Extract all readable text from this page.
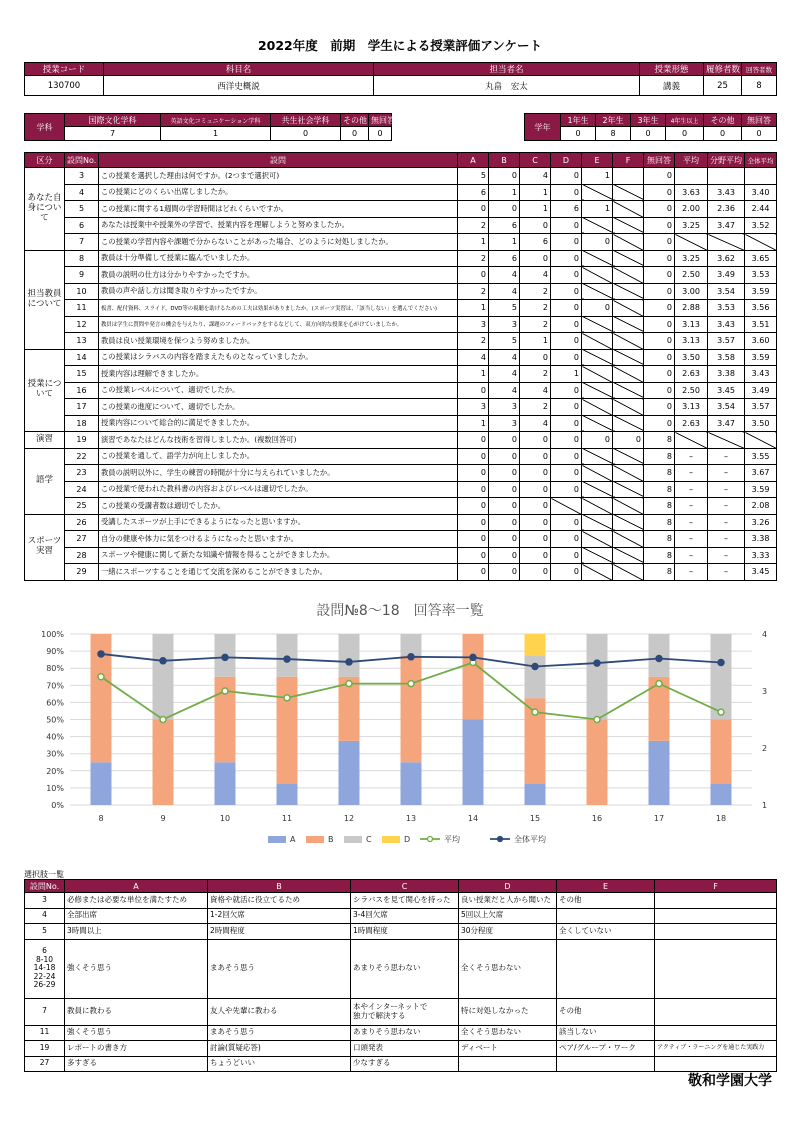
2022年度　前期　学生による授業評価アンケート
授業コード	科目名	担当者名	授業形態	履修者数	回答者数
130700	西洋史概説	丸畠　宏太	講義	25	8
学科	国際文化学科	英語文化コミュニケーション学科	共生社会学科	その他	無回答
	7	1	0	0	0
学年	1年生	2年生	3年生	4年生以上	その他	無回答
	0	8	0	0	0	0
区分	設問No.	設問	A	B	C	D	E	F	無回答	平均	分野平均	全体平均
あなた自身について	3	この授業を選択した理由は何ですか。(2つまで選択可)	5	0	4	0	1		0			
	4	この授業にどのくらい出席しましたか。	6	1	1	0			0	3.63	3.43	3.40
	5	この授業に関する1週間の学習時間はどれくらいですか。	0	0	1	6	1		0	2.00	2.36	2.44
	6	あなたは授業中や授業外の学習で、授業内容を理解しようと努めましたか。	2	6	0	0			0	3.25	3.47	3.52
	7	この授業の学習内容や課題で分からないことがあった場合、どのように対処しましたか。	1	1	6	0	0		0			
担当教員について	8	教員は十分準備して授業に臨んでいましたか。	2	6	0	0			0	3.25	3.62	3.65
	9	教員の説明の仕方は分かりやすかったですか。	0	4	4	0			0	2.50	3.49	3.53
	10	教員の声や話し方は聞き取りやすかったですか。	2	4	2	0			0	3.00	3.54	3.59
	11	板書、配付資料、スライド、DVD等の視聴を助けるための工夫は効果がありましたか。(スポーツ実習は、「該当しない」を選んでください)	1	5	2	0	0		0	2.88	3.53	3.56
	12	教員は学生に質問や発言の機会を与えたり、課題のフィードバックをするなどして、双方向的な授業を心がけていましたか。	3	3	2	0			0	3.13	3.43	3.51
	13	教員は良い授業環境を保つよう努めましたか。	2	5	1	0			0	3.13	3.57	3.60
授業について	14	この授業はシラバスの内容を踏まえたものとなっていましたか。	4	4	0	0			0	3.50	3.58	3.59
	15	授業内容は理解できましたか。	1	4	2	1			0	2.63	3.38	3.43
	16	この授業レベルについて、適切でしたか。	0	4	4	0			0	2.50	3.45	3.49
	17	この授業の進度について、適切でしたか。	3	3	2	0			0	3.13	3.54	3.57
	18	授業内容について総合的に満足できましたか。	1	3	4	0			0	2.63	3.47	3.50
演習	19	演習であなたはどんな技術を習得しましたか。(複数回答可)	0	0	0	0	0	0	8			
語学	22	この授業を通して、語学力が向上しましたか。	0	0	0	0			8	–	–	3.55
	23	教員の説明以外に、学生の練習の時間が十分に与えられていましたか。	0	0	0	0			8	–	–	3.67
	24	この授業で使われた教科書の内容およびレベルは適切でしたか。	0	0	0	0			8	–	–	3.59
	25	この授業の受講者数は適切でしたか。	0	0	0				8	–	–	2.08
スポーツ実習	26	受講したスポーツが上手にできるようになったと思いますか。	0	0	0	0			8	–	–	3.26
	27	自分の健康や体力に気をつけるようになったと思いますか。	0	0	0	0			8	–	–	3.38
	28	スポーツや健康に関して新たな知識や情報を得ることができましたか。	0	0	0	0			8	–	–	3.33
	29	一緒にスポーツすることを通じて交流を深めることができましたか。	0	0	0	0			8	–	–	3.45
設問№8～18　回答率一覧
0%
10%
20%
30%
40%
50%
60%
70%
80%
90%
100%
1
2
3
4
8	9	10	11	12	13	14	15	16	17	18
A	B	C	D	平均	全体平均
選択肢一覧
設問No.	A	B	C	D	E	F
3	必修または必要な単位を満たすため	資格や就活に役立てるため	シラバスを見て関心を持った	良い授業だと人から聞いた	その他	
4	全部出席	1-2回欠席	3-4回欠席	5回以上欠席		
5	3時間以上	2時間程度	1時間程度	30分程度	全くしていない	
6
8-10
14-18
22-24
26-29	強くそう思う	まあそう思う	あまりそう思わない	全くそう思わない		
7	教員に教わる	友人や先輩に教わる	本やインターネットで
独力で解決する	特に対処しなかった	その他	
11	強くそう思う	まあそう思う	あまりそう思わない	全くそう思わない	該当しない	
19	レポートの書き方	討論(質疑応答)	口頭発表	ディベート	ペア/グループ・ワーク	アクティブ・ラーニングを通じた実践力
27	多すぎる	ちょうどいい	少なすぎる			
敬和学園大学
